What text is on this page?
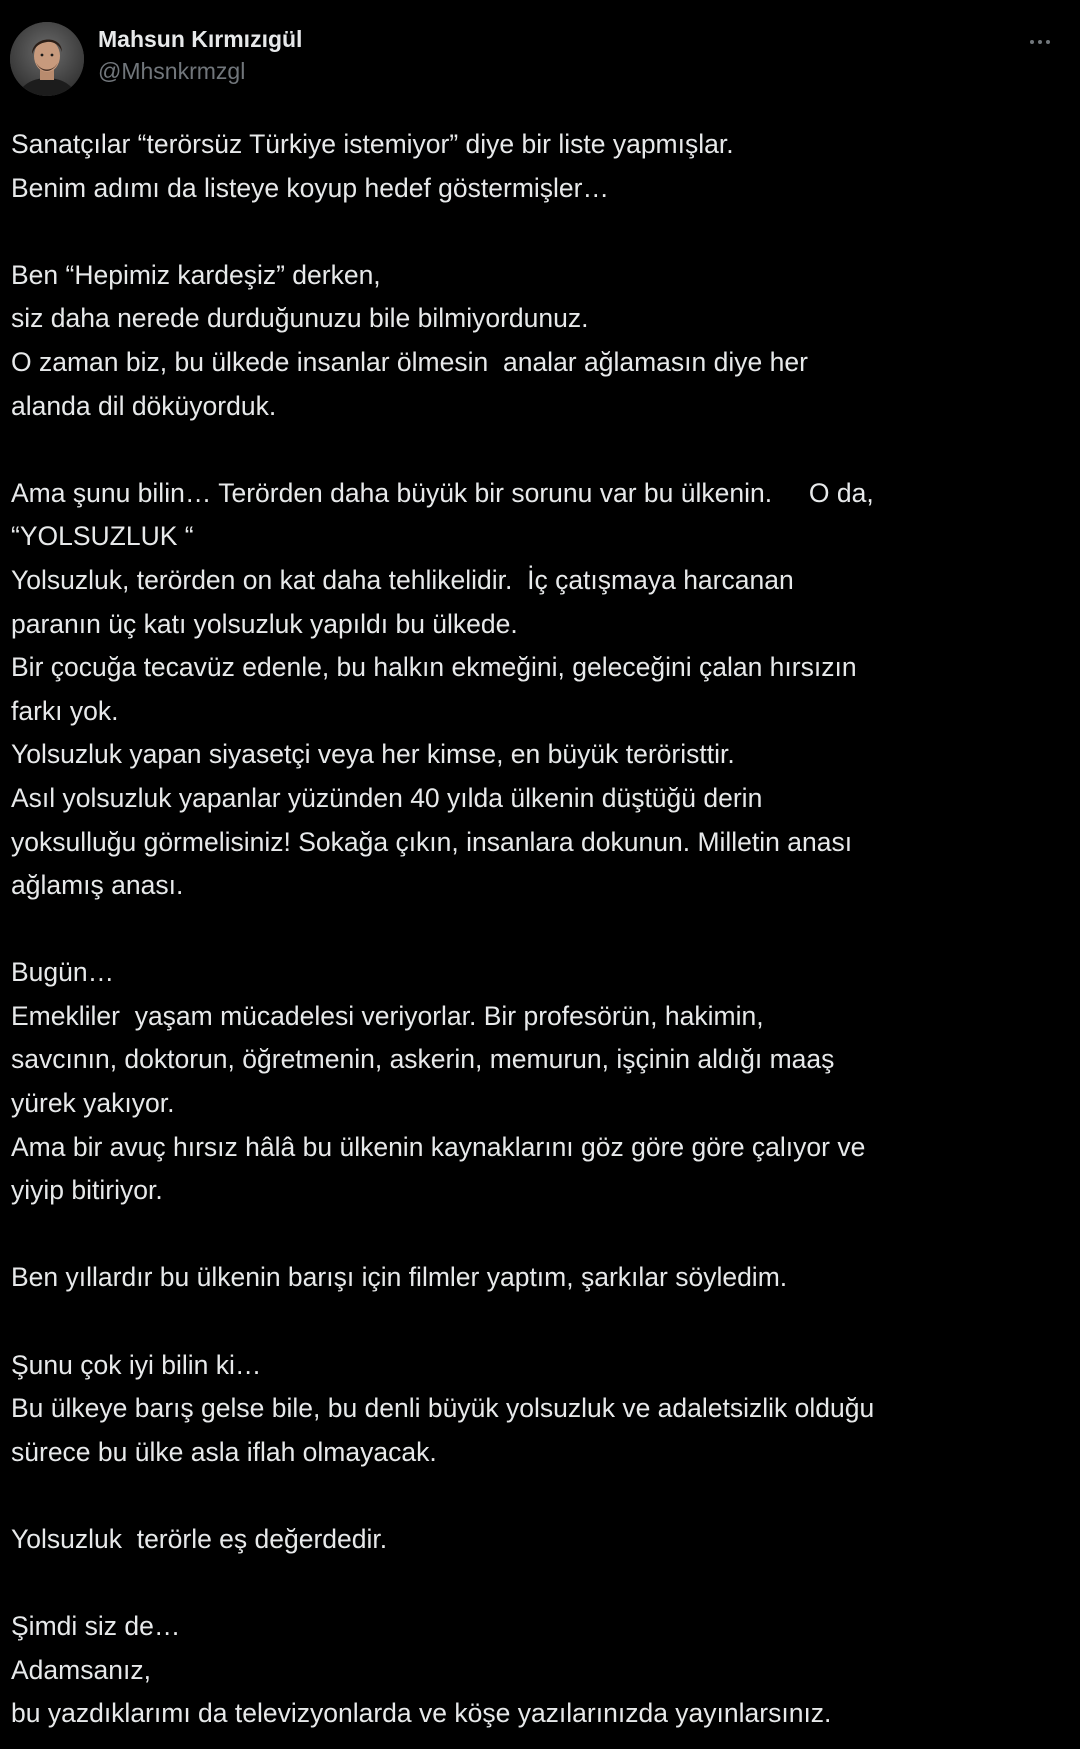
Mahsun Kırmızıgül
@Mhsnkrmzgl
Sanatçılar “terörsüz Türkiye istemiyor” diye bir liste yapmışlar.
Benim adımı da listeye koyup hedef göstermişler…
Ben “Hepimiz kardeşiz” derken,
siz daha nerede durduğunuzu bile bilmiyordunuz.
O zaman biz, bu ülkede insanlar ölmesin  analar ağlamasın diye her
alanda dil döküyorduk.
Ama şunu bilin… Terörden daha büyük bir sorunu var bu ülkenin.     O da,
“YOLSUZLUK “
Yolsuzluk, terörden on kat daha tehlikelidir.  İç çatışmaya harcanan
paranın üç katı yolsuzluk yapıldı bu ülkede.
Bir çocuğa tecavüz edenle, bu halkın ekmeğini, geleceğini çalan hırsızın
farkı yok.
Yolsuzluk yapan siyasetçi veya her kimse, en büyük teröristtir.
Asıl yolsuzluk yapanlar yüzünden 40 yılda ülkenin düştüğü derin
yoksulluğu görmelisiniz! Sokağa çıkın, insanlara dokunun. Milletin anası
ağlamış anası.
Bugün…
Emekliler  yaşam mücadelesi veriyorlar. Bir profesörün, hakimin,
savcının, doktorun, öğretmenin, askerin, memurun, işçinin aldığı maaş
yürek yakıyor.
Ama bir avuç hırsız hâlâ bu ülkenin kaynaklarını göz göre göre çalıyor ve
yiyip bitiriyor.
Ben yıllardır bu ülkenin barışı için filmler yaptım, şarkılar söyledim.
Şunu çok iyi bilin ki…
Bu ülkeye barış gelse bile, bu denli büyük yolsuzluk ve adaletsizlik olduğu
sürece bu ülke asla iflah olmayacak.
Yolsuzluk  terörle eş değerdedir.
Şimdi siz de…
Adamsanız,
bu yazdıklarımı da televizyonlarda ve köşe yazılarınızda yayınlarsınız.
